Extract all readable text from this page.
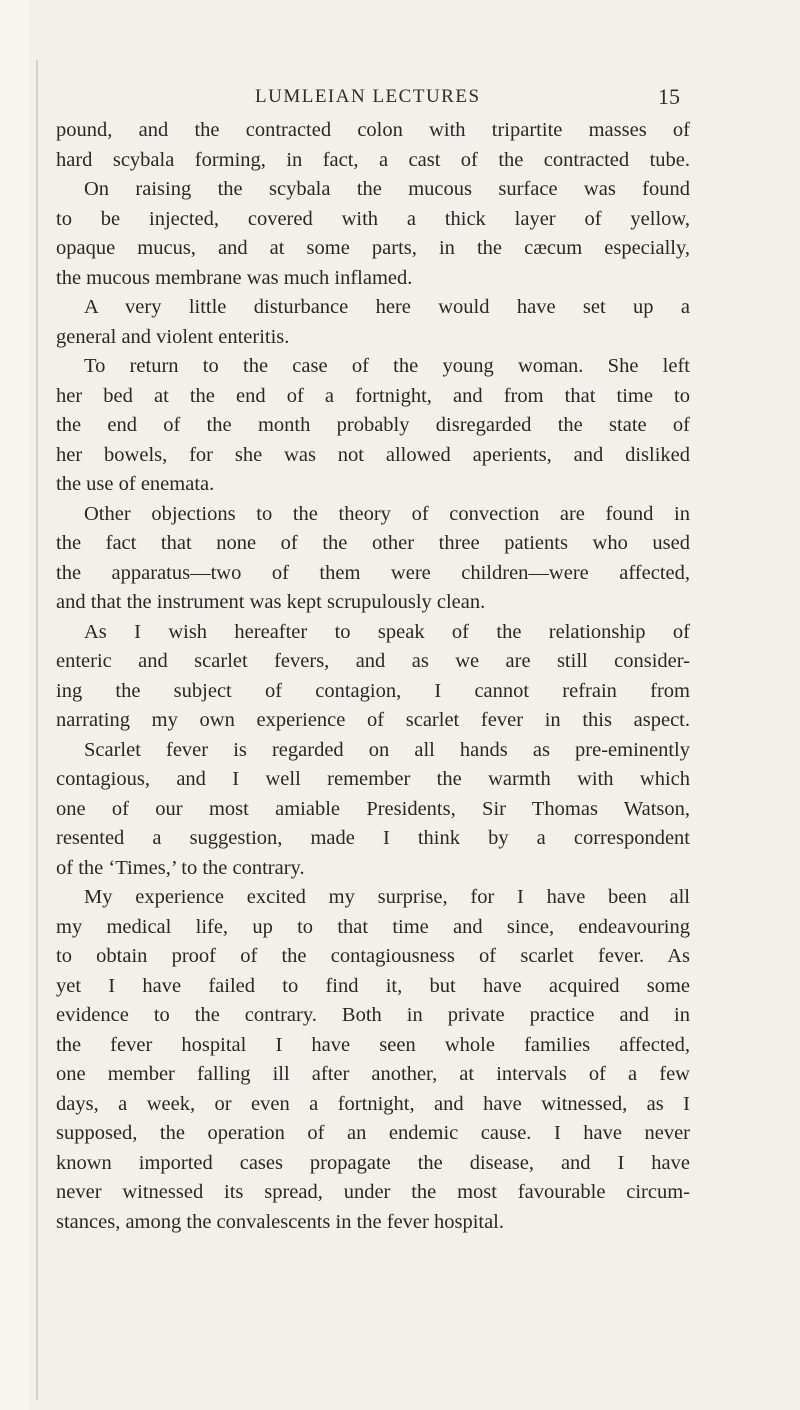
LUMLEIAN LECTURES	15
pound, and the contracted colon with tripartite masses of
hard scybala forming, in fact, a cast of the contracted tube.
On raising the scybala the mucous surface was found
to be injected, covered with a thick layer of yellow,
opaque mucus, and at some parts, in the cæcum especially,
the mucous membrane was much inflamed.
A very little disturbance here would have set up a
general and violent enteritis.
To return to the case of the young woman. She left
her bed at the end of a fortnight, and from that time to
the end of the month probably disregarded the state of
her bowels, for she was not allowed aperients, and disliked
the use of enemata.
Other objections to the theory of convection are found in
the fact that none of the other three patients who used
the apparatus—two of them were children—were affected,
and that the instrument was kept scrupulously clean.
As I wish hereafter to speak of the relationship of
enteric and scarlet fevers, and as we are still consider-
ing the subject of contagion, I cannot refrain from
narrating my own experience of scarlet fever in this aspect.
Scarlet fever is regarded on all hands as pre-eminently
contagious, and I well remember the warmth with which
one of our most amiable Presidents, Sir Thomas Watson,
resented a suggestion, made I think by a correspondent
of the ‘Times,’ to the contrary.
My experience excited my surprise, for I have been all
my medical life, up to that time and since, endeavouring
to obtain proof of the contagiousness of scarlet fever. As
yet I have failed to find it, but have acquired some
evidence to the contrary. Both in private practice and in
the fever hospital I have seen whole families affected,
one member falling ill after another, at intervals of a few
days, a week, or even a fortnight, and have witnessed, as I
supposed, the operation of an endemic cause. I have never
known imported cases propagate the disease, and I have
never witnessed its spread, under the most favourable circum-
stances, among the convalescents in the fever hospital.
